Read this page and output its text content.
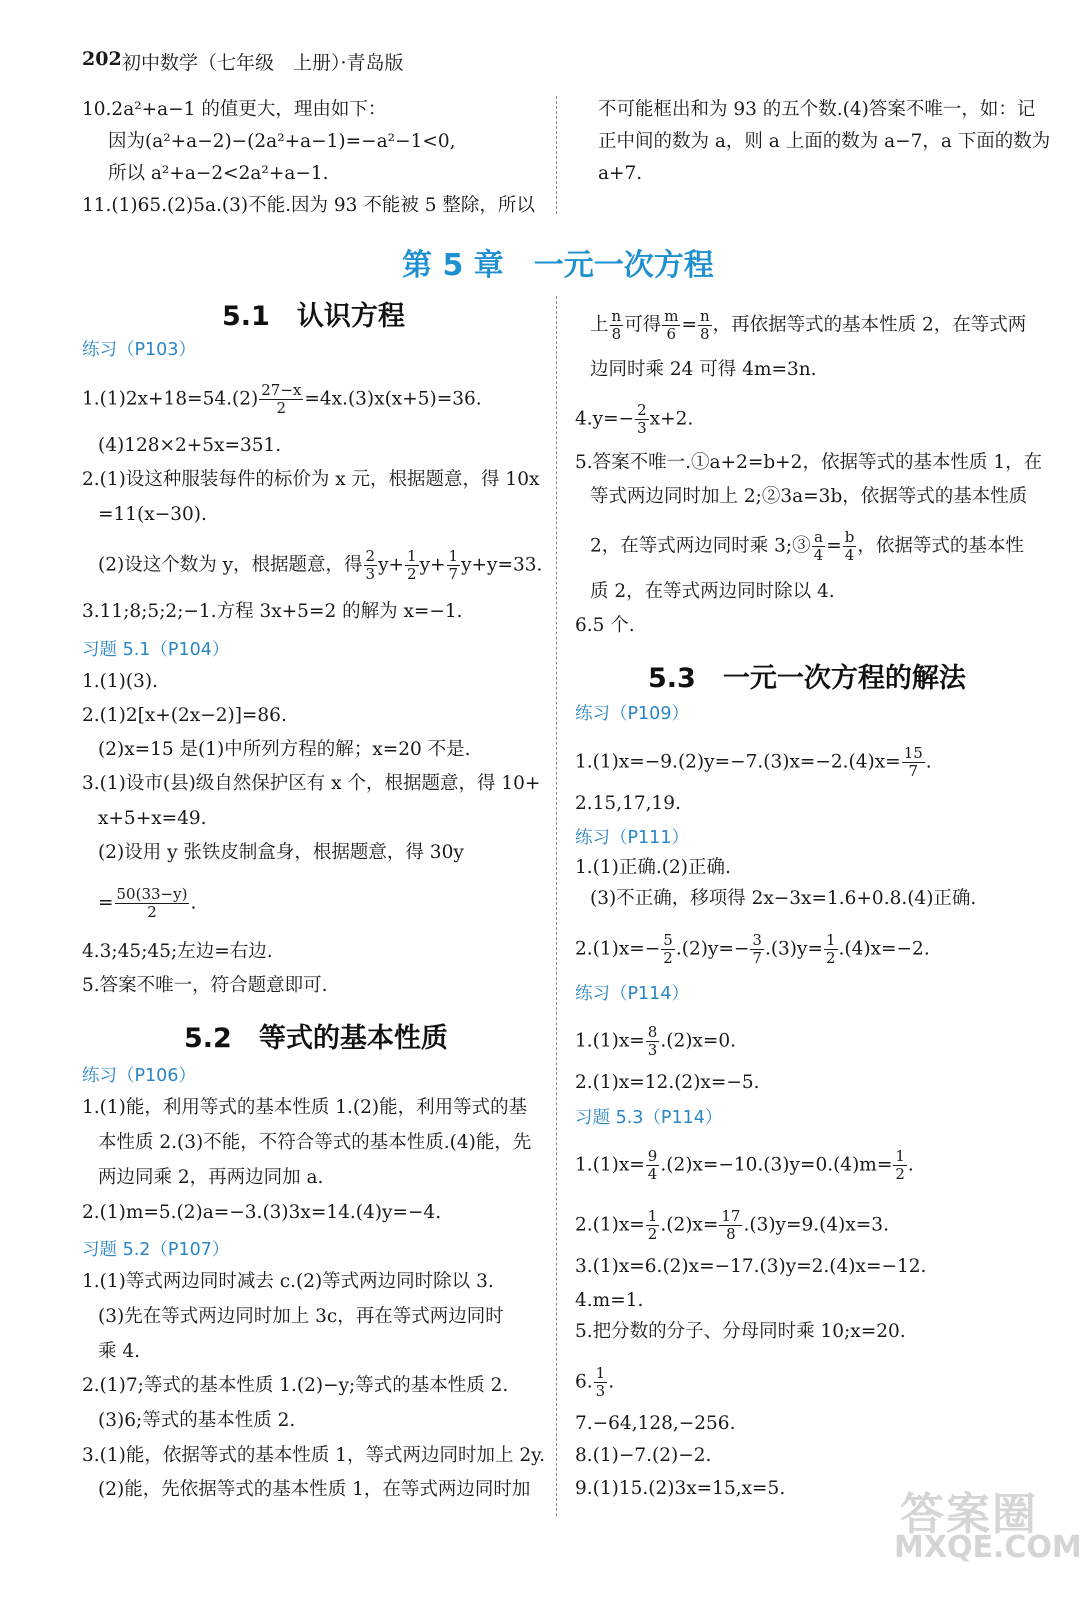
202 初中数学（七年级　上册）·青岛版
10.2a²+a−1 的值更大，理由如下：
因为(a²+a−2)−(2a²+a−1)=−a²−1<0,
所以 a²+a−2<2a²+a−1.
11.(1)65.(2)5a.(3)不能.因为 93 不能被 5 整除，所以
不可能框出和为 93 的五个数.(4)答案不唯一，如：记
正中间的数为 a，则 a 上面的数为 a−7，a 下面的数为
a+7.
第 5 章　一元一次方程
5.1　认识方程
练习（P103）
$1.(1)2x+18=54.(2) \frac{27-x}{2} =4x.(3)x(x+5)=36$.
(4)128×2+5x=351.
2.(1)设这种服装每件的标价为 x 元，根据题意，得 10x
=11(x−30).
(2)设这个数为 y，根据题意，得 $\frac{2}{3} y+ \frac{1}{2} y+ \frac{1}{7} y+y=33$.
3.11;8;5;2;−1.方程 3x+5=2 的解为 x=−1.
习题 5.1（P104）
1.(1)(3).
2.(1)2[x+(2x−2)]=86.
(2)x=15 是(1)中所列方程的解；x=20 不是.
3.(1)设市(县)级自然保护区有 x 个，根据题意，得 10+
x+5+x=49.
(2)设用 y 张铁皮制盒身，根据题意，得 30y
= $\frac{50(33-y)}{2}$ .
4.3;45;45;左边=右边.
5.答案不唯一，符合题意即可.
5.2　等式的基本性质
练习（P106）
1.(1)能，利用等式的基本性质 1.(2)能，利用等式的基
本性质 2.(3)不能，不符合等式的基本性质.(4)能，先
两边同乘 2，再两边同加 a.
2.(1)m=5.(2)a=−3.(3)3x=14.(4)y=−4.
习题 5.2（P107）
1.(1)等式两边同时减去 c.(2)等式两边同时除以 3.
(3)先在等式两边同时加上 3c，再在等式两边同时
乘 4.
2.(1)7;等式的基本性质 1.(2)−y;等式的基本性质 2.
(3)6;等式的基本性质 2.
3.(1)能，依据等式的基本性质 1，等式两边同时加上 2y.
(2)能，先依据等式的基本性质 1，在等式两边同时加
上 $\frac{n}{8}$ 可得 $\frac{m}{6} = \frac{n}{8}$ ，再依据等式的基本性质 2，在等式两
边同时乘 24 可得 4m=3n.
$4.y=- \frac{2}{3} x+2$.
5.答案不唯一.①a+2=b+2，依据等式的基本性质 1，在
等式两边同时加上 2;②3a=3b，依据等式的基本性质
2，在等式两边同时乘 3;③ $\frac{a}{4} = \frac{b}{4}$ ，依据等式的基本性
质 2，在等式两边同时除以 4.
6.5 个.
5.3　一元一次方程的解法
练习（P109）
$1.(1)x=-9.(2)y=-7.(3)x=-2.(4)x= \frac{15}{7}$ .
2.15,17,19.
练习（P111）
1.(1)正确.(2)正确.
(3)不正确，移项得 2x−3x=1.6+0.8.(4)正确.
$2.(1)x=- \frac{5}{2} .(2)y=- \frac{3}{7} .(3)y= \frac{1}{2} .(4)x=-2$.
练习（P114）
$1.(1)x= \frac{8}{3} .(2)x=0$.
2.(1)x=12.(2)x=−5.
习题 5.3（P114）
$1.(1)x= \frac{9}{4} .(2)x=-10.(3)y=0.(4)m= \frac{1}{2}$ .
$2.(1)x= \frac{1}{2} .(2)x= \frac{17}{8} .(3)y=9.(4)x=3$.
3.(1)x=6.(2)x=−17.(3)y=2.(4)x=−12.
4.m=1.
5.把分数的分子、分母同时乘 10;x=20.
6. $\frac{1}{3}$ .
7.−64,128,−256.
8.(1)−7.(2)−2.
9.(1)15.(2)3x=15,x=5.
答案圈
MXQE.COM
